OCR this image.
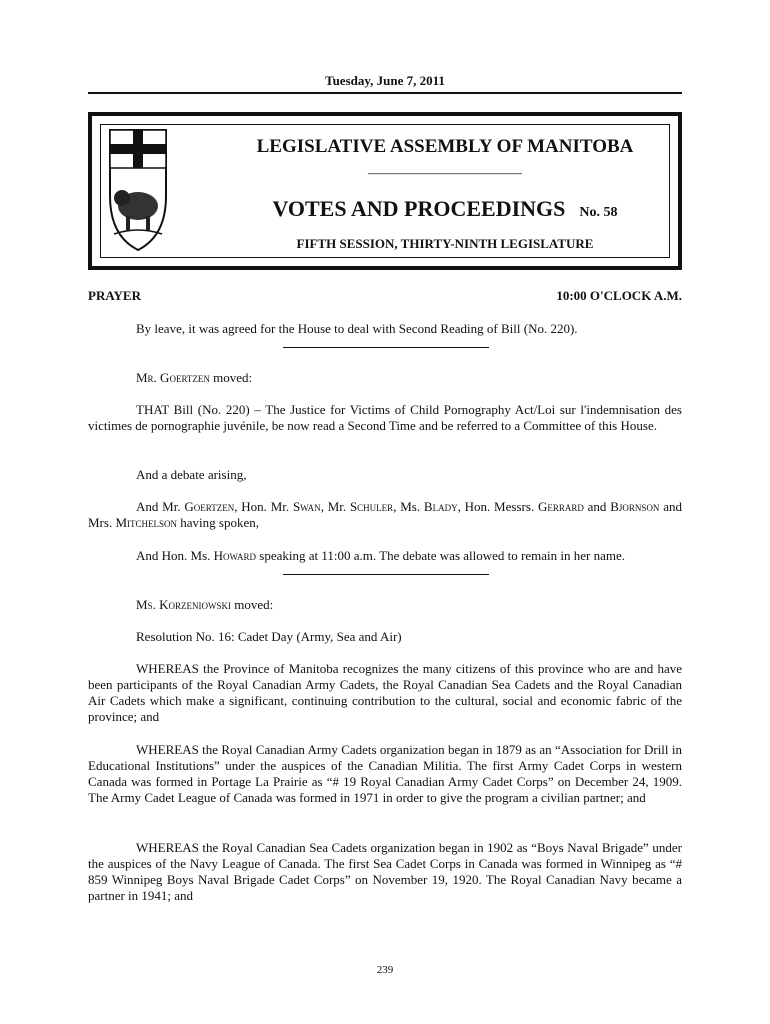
Tuesday, June 7, 2011
LEGISLATIVE ASSEMBLY OF MANITOBA
———————————
VOTES AND PROCEEDINGS No. 58
FIFTH SESSION, THIRTY-NINTH LEGISLATURE
PRAYER	10:00 O'CLOCK A.M.
By leave, it was agreed for the House to deal with Second Reading of Bill (No. 220).
Mr. Goertzen moved:
THAT Bill (No. 220) – The Justice for Victims of Child Pornography Act/Loi sur l'indemnisation des victimes de pornographie juvénile, be now read a Second Time and be referred to a Committee of this House.
And a debate arising,
And Mr. Goertzen, Hon. Mr. Swan, Mr. Schuler, Ms. Blady, Hon. Messrs. Gerrard and Bjornson and Mrs. Mitchelson having spoken,
And Hon. Ms. Howard speaking at 11:00 a.m. The debate was allowed to remain in her name.
Ms. Korzeniowski moved:
Resolution No. 16: Cadet Day (Army, Sea and Air)
WHEREAS the Province of Manitoba recognizes the many citizens of this province who are and have been participants of the Royal Canadian Army Cadets, the Royal Canadian Sea Cadets and the Royal Canadian Air Cadets which make a significant, continuing contribution to the cultural, social and economic fabric of the province; and
WHEREAS the Royal Canadian Army Cadets organization began in 1879 as an “Association for Drill in Educational Institutions” under the auspices of the Canadian Militia. The first Army Cadet Corps in western Canada was formed in Portage La Prairie as “# 19 Royal Canadian Army Cadet Corps” on December 24, 1909. The Army Cadet League of Canada was formed in 1971 in order to give the program a civilian partner; and
WHEREAS the Royal Canadian Sea Cadets organization began in 1902 as “Boys Naval Brigade” under the auspices of the Navy League of Canada. The first Sea Cadet Corps in Canada was formed in Winnipeg as “# 859 Winnipeg Boys Naval Brigade Cadet Corps” on November 19, 1920. The Royal Canadian Navy became a partner in 1941; and
239
